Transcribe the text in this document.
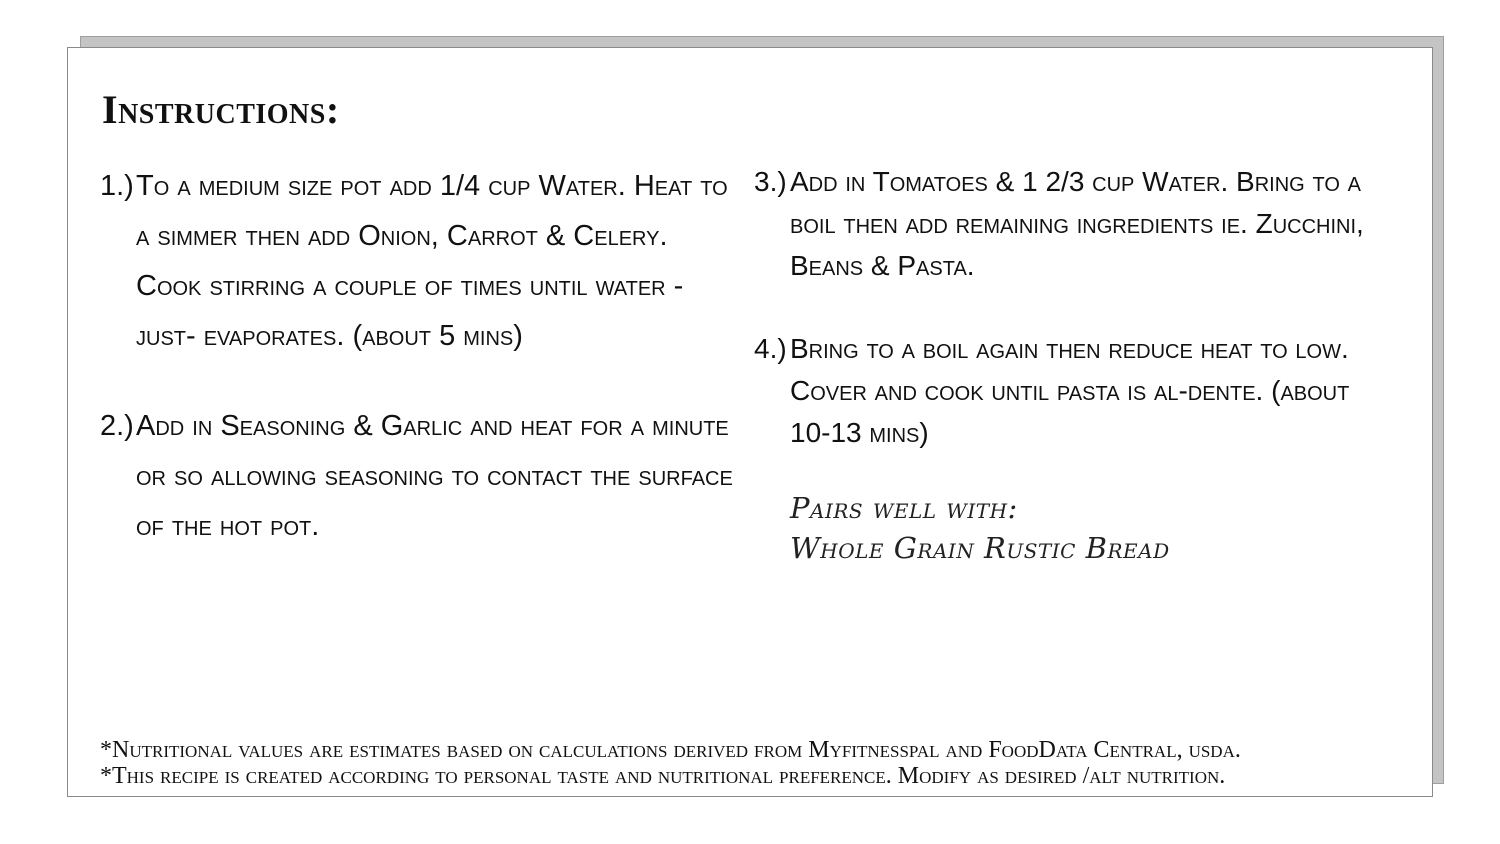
Instructions:
1.) To a medium size pot add 1/4 cup Water. Heat to a simmer then add Onion, Carrot & Celery. Cook stirring a couple of times until water -just- evaporates. (about 5 mins)
2.) Add in Seasoning & Garlic and heat for a minute or so allowing seasoning to contact the surface of the hot pot.
3.) Add in Tomatoes & 1 2/3 cup Water. Bring to a boil then add remaining ingredients ie. Zucchini, Beans & Pasta.
4.) Bring to a boil again then reduce heat to low. Cover and cook until pasta is al-dente. (about 10-13 mins)
Pairs well with:
Whole Grain Rustic Bread
*Nutritional values are estimates based on calculations derived from Myfitnesspal and FoodData Central, usda.
*This recipe is created according to personal taste and nutritional preference. Modify as desired /alt nutrition.
